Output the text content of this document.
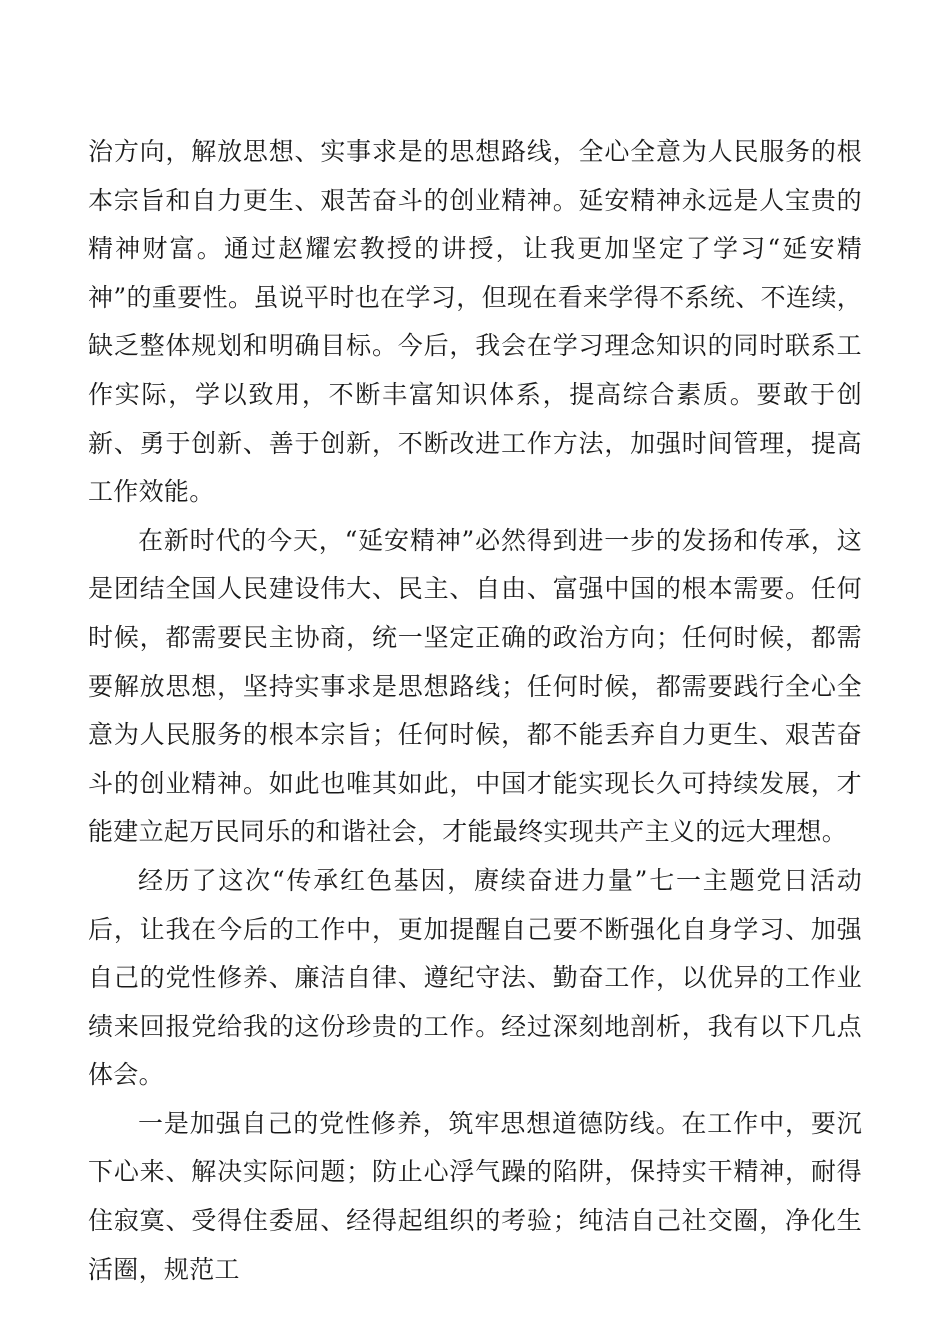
治方向，解放思想、实事求是的思想路线，全心全意为人民服务的根本宗旨和自力更生、艰苦奋斗的创业精神。延安精神永远是人宝贵的精神财富。通过赵耀宏教授的讲授，让我更加坚定了学习“延安精神”的重要性。虽说平时也在学习，但现在看来学得不系统、不连续，缺乏整体规划和明确目标。今后，我会在学习理念知识的同时联系工作实际，学以致用，不断丰富知识体系，提高综合素质。要敢于创新、勇于创新、善于创新，不断改进工作方法，加强时间管理，提高工作效能。

在新时代的今天，“延安精神”必然得到进一步的发扬和传承，这是团结全国人民建设伟大、民主、自由、富强中国的根本需要。任何时候，都需要民主协商，统一坚定正确的政治方向；任何时候，都需要解放思想，坚持实事求是思想路线；任何时候，都需要践行全心全意为人民服务的根本宗旨；任何时候，都不能丢弃自力更生、艰苦奋斗的创业精神。如此也唯其如此，中国才能实现长久可持续发展，才能建立起万民同乐的和谐社会，才能最终实现共产主义的远大理想。

经历了这次“传承红色基因，赓续奋进力量”七一主题党日活动后，让我在今后的工作中，更加提醒自己要不断强化自身学习、加强自己的党性修养、廉洁自律、遵纪守法、勤奋工作，以优异的工作业绩来回报党给我的这份珍贵的工作。经过深刻地剖析，我有以下几点体会。

一是加强自己的党性修养，筑牢思想道德防线。在工作中，要沉下心来、解决实际问题；防止心浮气躁的陷阱，保持实干精神，耐得住寂寞、受得住委屈、经得起组织的考验；纯洁自己社交圈，净化生活圈，规范工
